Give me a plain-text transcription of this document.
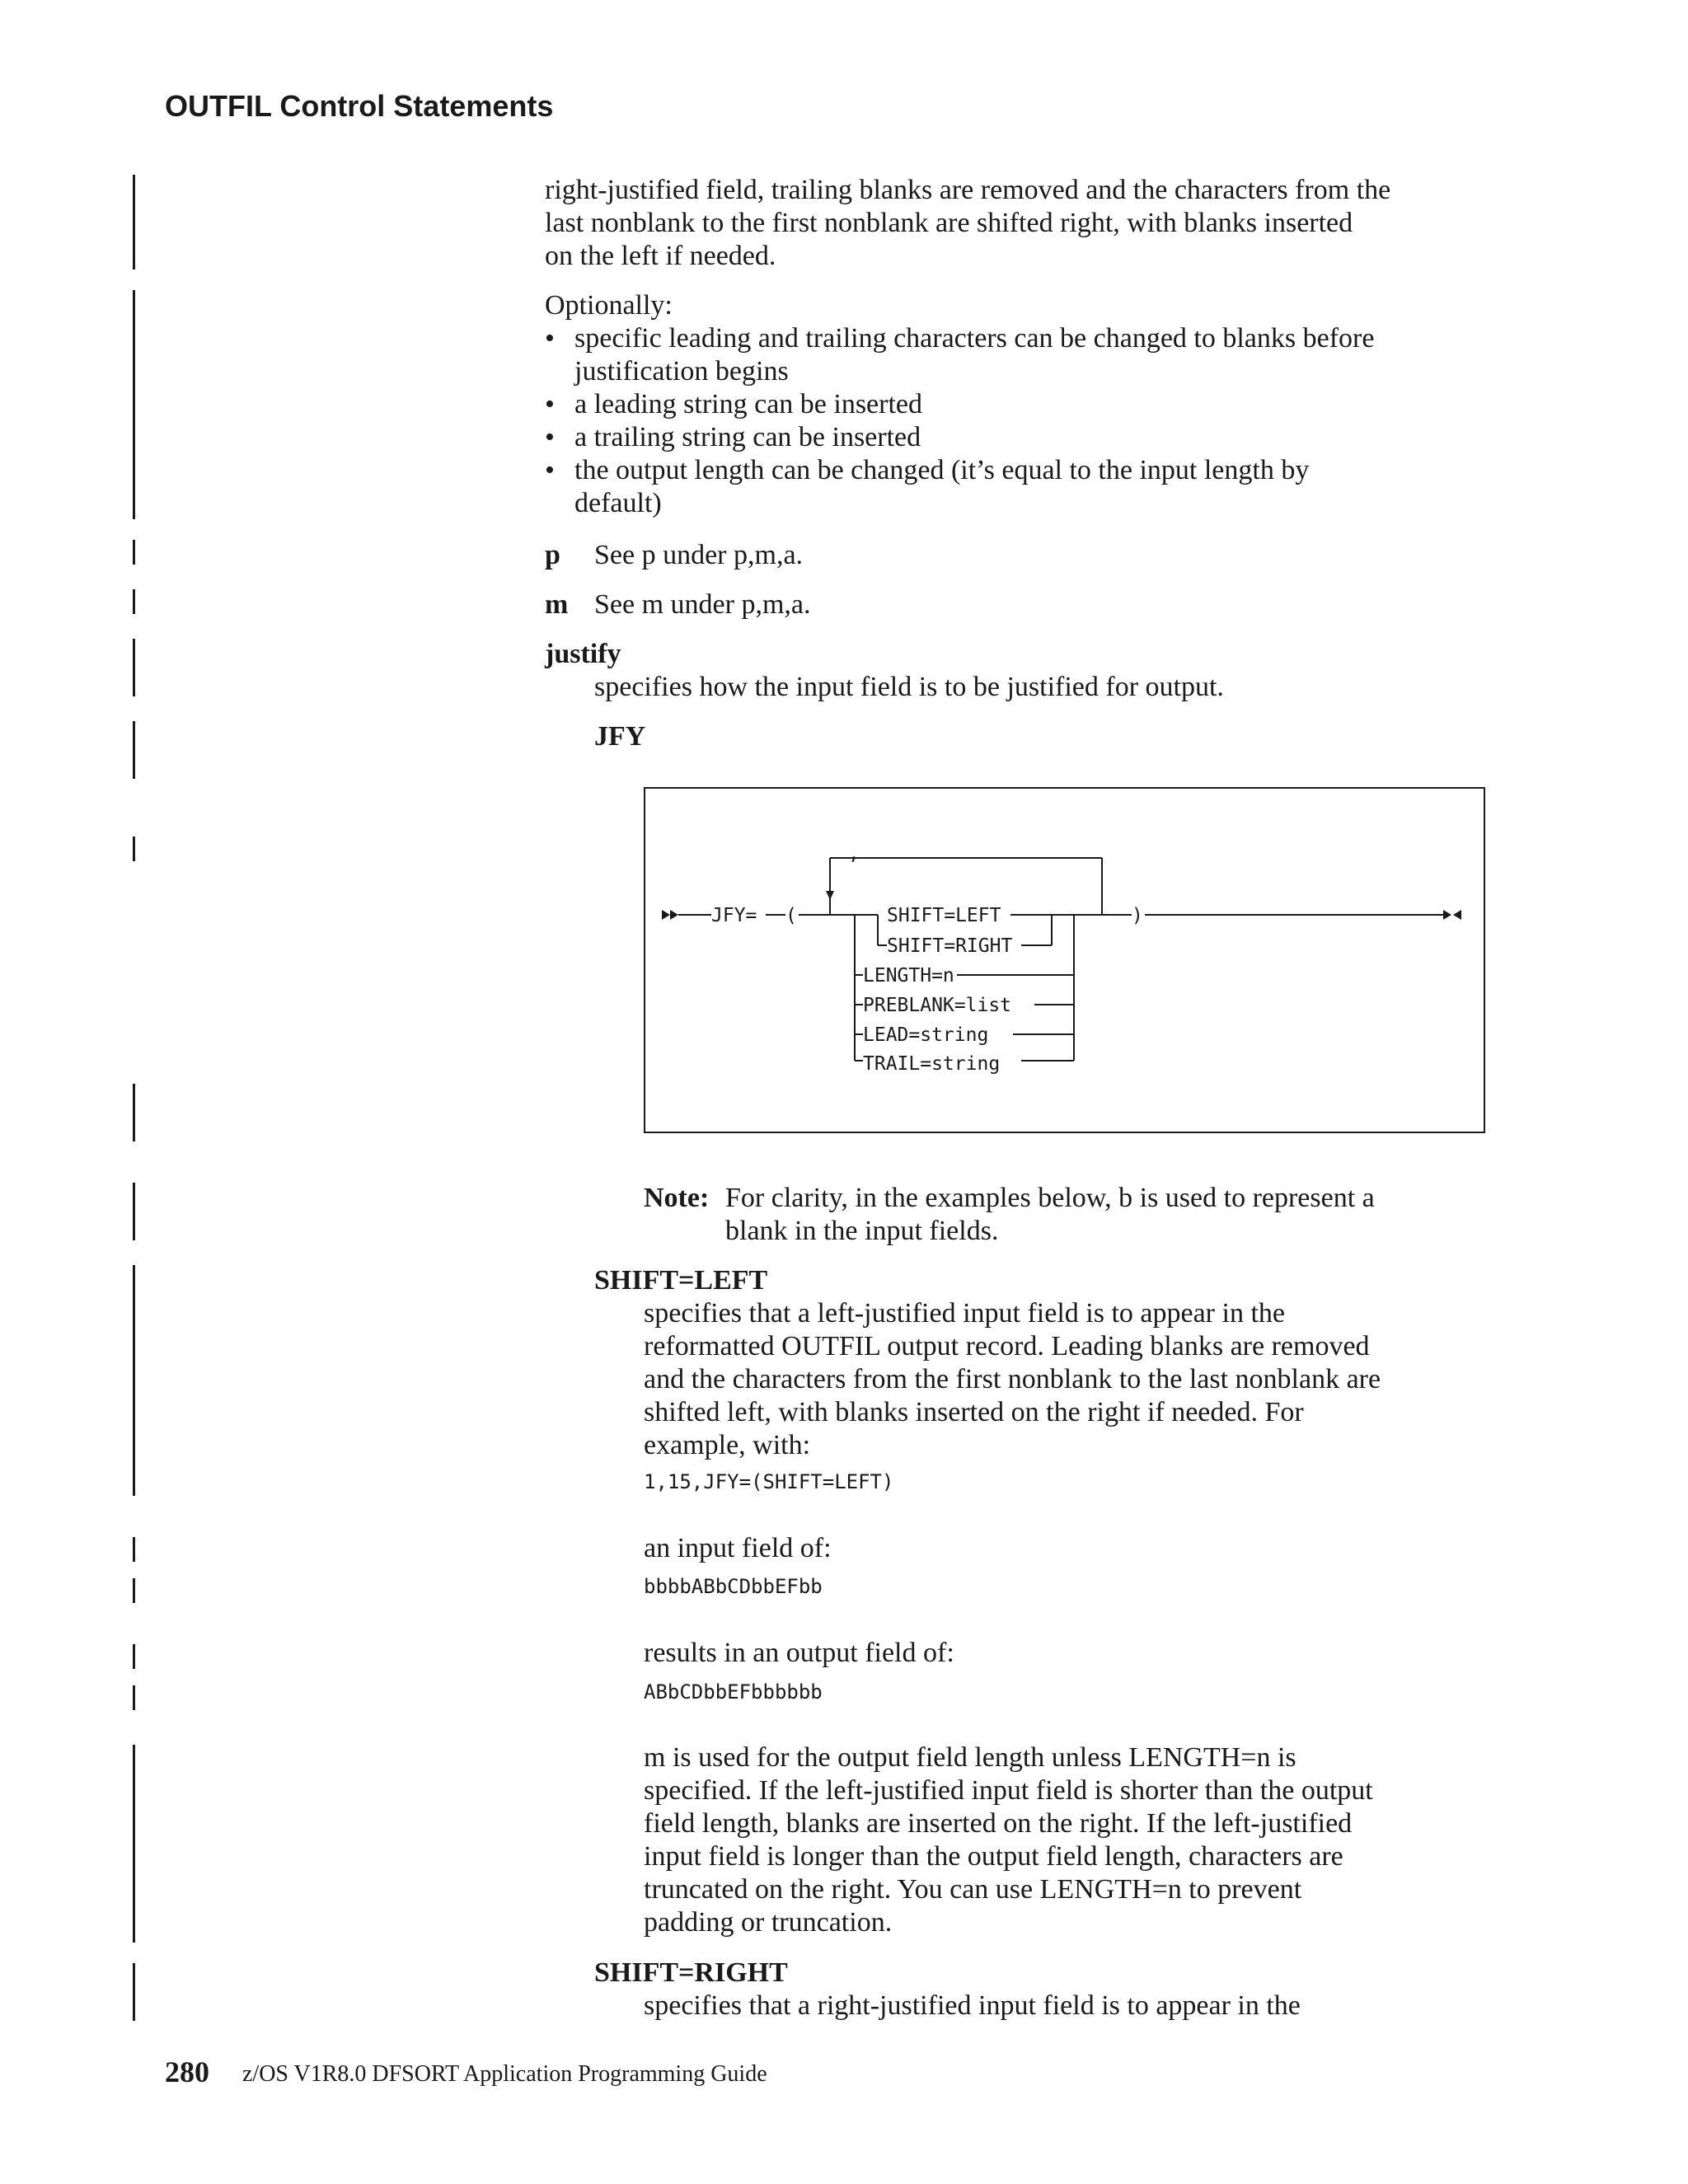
OUTFIL Control Statements
right-justified field, trailing blanks are removed and the characters from the
last nonblank to the first nonblank are shifted right, with blanks inserted
on the left if needed.
Optionally:
• specific leading and trailing characters can be changed to blanks before
justification begins
• a leading string can be inserted
• a trailing string can be inserted
• the output length can be changed (it’s equal to the input length by
default)
p See p under p,m,a.
m See m under p,m,a.
justify
specifies how the input field is to be justified for output.
JFY
JFY= (
,
SHIFT=LEFT
SHIFT=RIGHT
LENGTH=n
PREBLANK=list
LEAD=string
TRAIL=string
)
Note: For clarity, in the examples below, b is used to represent a
blank in the input fields.
SHIFT=LEFT
specifies that a left-justified input field is to appear in the
reformatted OUTFIL output record. Leading blanks are removed
and the characters from the first nonblank to the last nonblank are
shifted left, with blanks inserted on the right if needed. For
example, with:
1,15,JFY=(SHIFT=LEFT)
an input field of:
bbbbABbCDbbEFbb
results in an output field of:
ABbCDbbEFbbbbbb
m is used for the output field length unless LENGTH=n is
specified. If the left-justified input field is shorter than the output
field length, blanks are inserted on the right. If the left-justified
input field is longer than the output field length, characters are
truncated on the right. You can use LENGTH=n to prevent
padding or truncation.
SHIFT=RIGHT
specifies that a right-justified input field is to appear in the
280 z/OS V1R8.0 DFSORT Application Programming Guide
